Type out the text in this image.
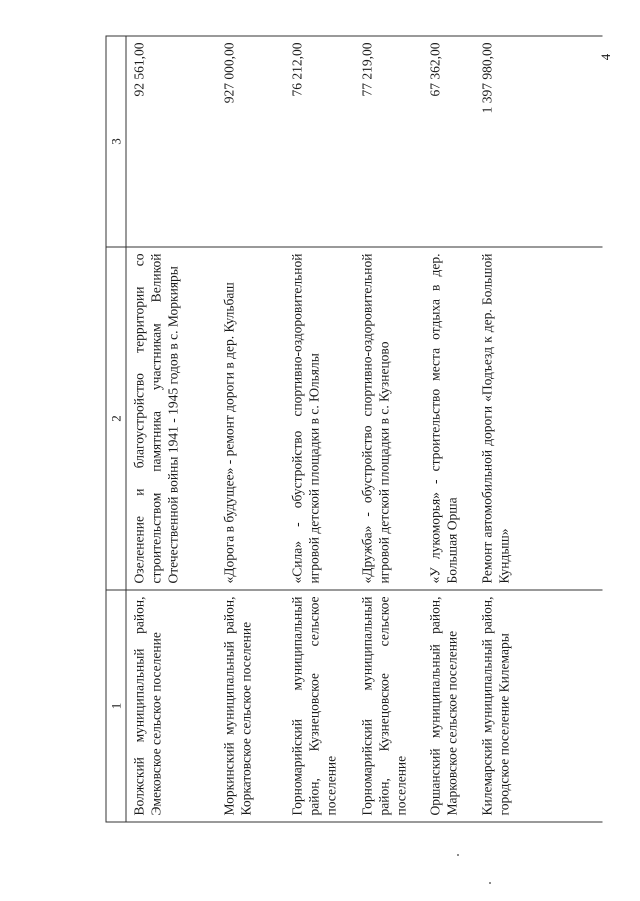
4
1	2	3
Волжский муниципальный район, Эмековское сельское поселение	Озеленение и благоустройство территории со строительством памятника участникам Великой Отечественной войны 1941 - 1945 годов в с. Моркияры	92 561,00
Моркинский муниципальный район, Коркатовское сельское поселение	«Дорога в будущее» - ремонт дороги в дер. Кульбаш	927 000,00
Горномарийский муниципальный район, Кузнецовское сельское поселение	«Сила» - обустройство спортивно-оздоровительной игровой детской площадки в с. Юльялы	76 212,00
Горномарийский муниципальный район, Кузнецовское сельское поселение	«Дружба» - обустройство спортивно-оздоровительной игровой детской площадки в с. Кузнецово	77 219,00
Оршанский муниципальный район, Марковское сельское поселение	«У лукоморья» - строительство места отдыха в дер. Большая Орша	67 362,00
Килемарский муниципальный район, городское поселение Килемары	Ремонт автомобильной дороги «Подъезд к дер. Большой Кундыш»	1 397 980,00
